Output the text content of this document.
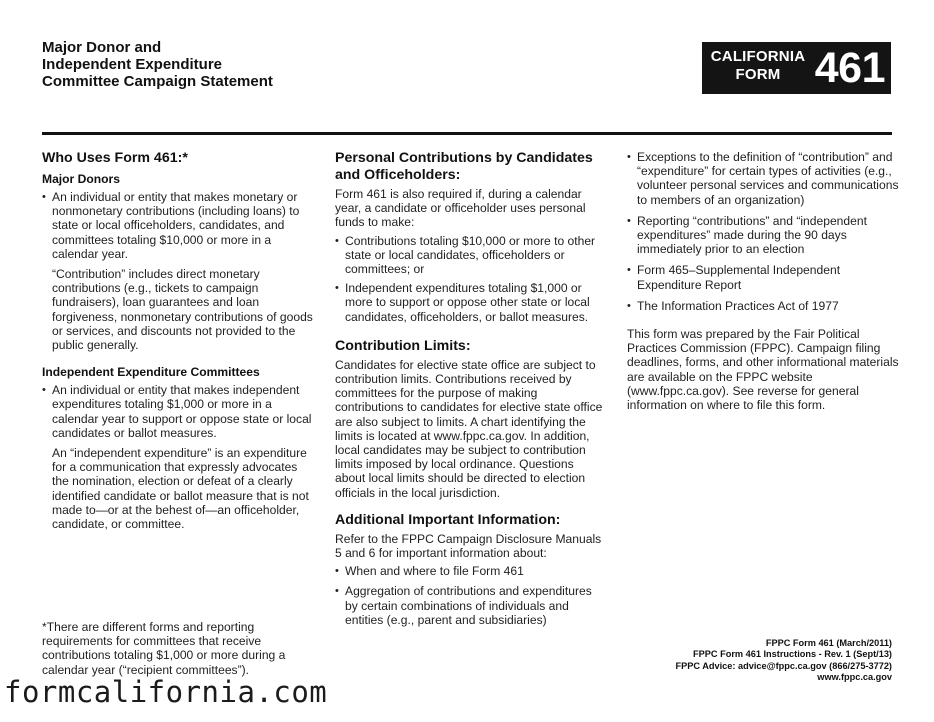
Major Donor and
Independent Expenditure
Committee Campaign Statement
CALIFORNIA
FORM 461
Who Uses Form 461:*
Major Donors
• An individual or entity that makes monetary or nonmonetary contributions (including loans) to state or local officeholders, candidates, and committees totaling $10,000 or more in a calendar year.

“Contribution” includes direct monetary contributions (e.g., tickets to campaign fundraisers), loan guarantees and loan forgiveness, nonmonetary contributions of goods or services, and discounts not provided to the public generally.

Independent Expenditure Committees
• An individual or entity that makes independent expenditures totaling $1,000 or more in a calendar year to support or oppose state or local candidates or ballot measures.

An “independent expenditure” is an expenditure for a communication that expressly advocates the nomination, election or defeat of a clearly identified candidate or ballot measure that is not made to—or at the behest of—an officeholder, candidate, or committee.

*There are different forms and reporting requirements for committees that receive contributions totaling $1,000 or more during a calendar year (“recipient committees”).
Personal Contributions by Candidates and Officeholders:

Form 461 is also required if, during a calendar year, a candidate or officeholder uses personal funds to make:

• Contributions totaling $10,000 or more to other state or local candidates, officeholders or committees; or
• Independent expenditures totaling $1,000 or more to support or oppose other state or local candidates, officeholders, or ballot measures.
Contribution Limits:

Candidates for elective state office are subject to contribution limits. Contributions received by committees for the purpose of making contributions to candidates for elective state office are also subject to limits. A chart identifying the limits is located at www.fppc.ca.gov. In addition, local candidates may be subject to contribution limits imposed by local ordinance. Questions about local limits should be directed to election officials in the local jurisdiction.

Additional Important Information:

Refer to the FPPC Campaign Disclosure Manuals 5 and 6 for important information about:

• When and where to file Form 461
• Aggregation of contributions and expenditures by certain combinations of individuals and entities (e.g., parent and subsidiaries)
• Exceptions to the definition of “contribution” and “expenditure” for certain types of activities (e.g., volunteer personal services and communications to members of an organization)
• Reporting “contributions” and “independent expenditures” made during the 90 days immediately prior to an election
• Form 465–Supplemental Independent Expenditure Report
• The Information Practices Act of 1977

This form was prepared by the Fair Political Practices Commission (FPPC). Campaign filing deadlines, forms, and other informational materials are available on the FPPC website (www.fppc.ca.gov). See reverse for general information on where to file this form.

FPPC Form 461 (March/2011)
FPPC Form 461 Instructions - Rev. 1 (Sept/13)
FPPC Advice: advice@fppc.ca.gov (866/275-3772)
www.fppc.ca.gov
formcalifornia.com
